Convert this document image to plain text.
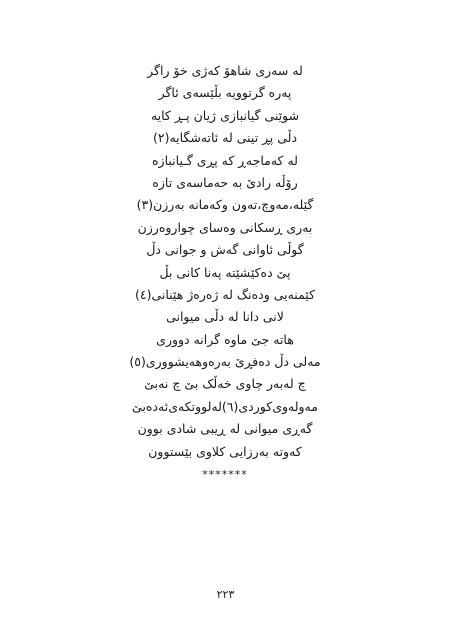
لە سەری شاهۆ کەژی خۆ راگر
پەرە گرتوویە بڵێسەی ئاگر
شوێنی گیانبازی ژیان پـڕ کایە
دڵی پڕ تینی لە ئاتەشگایە(٢)
لە کەماجەڕ کە پڕی گـیانبازە
رۆڵە رادێ بە حەماسەی تازە
گێلە،مەوچ،تەون وکەمانە بەرزن(٣)
بەری ڕسکانی وەسای چواروەرزن
گوڵی ئاوانی گەش و جوانی دڵ
پێ دەکێشێتە پەنا کانی بڵ
کێمنەیی ودەنگ لە ژەرەژ هێنانی(٤)
لانی دانا لە دڵی میوانی
هاتە جێ ماوە گرانە دووری
مەلی دڵ دەفڕێ بەرەوهەیشووری(٥)
چ لەبەر چاوی خەڵک بێ چ نەبێ
مەولەوی‌کوردی(٦)لەلووتکەی‌ئەدەبێ
گەڕی میوانی لە ڕیبی شادی بوون
کەوتە بەرزایی کلاوی بێستوون
*******
٢٢٣
